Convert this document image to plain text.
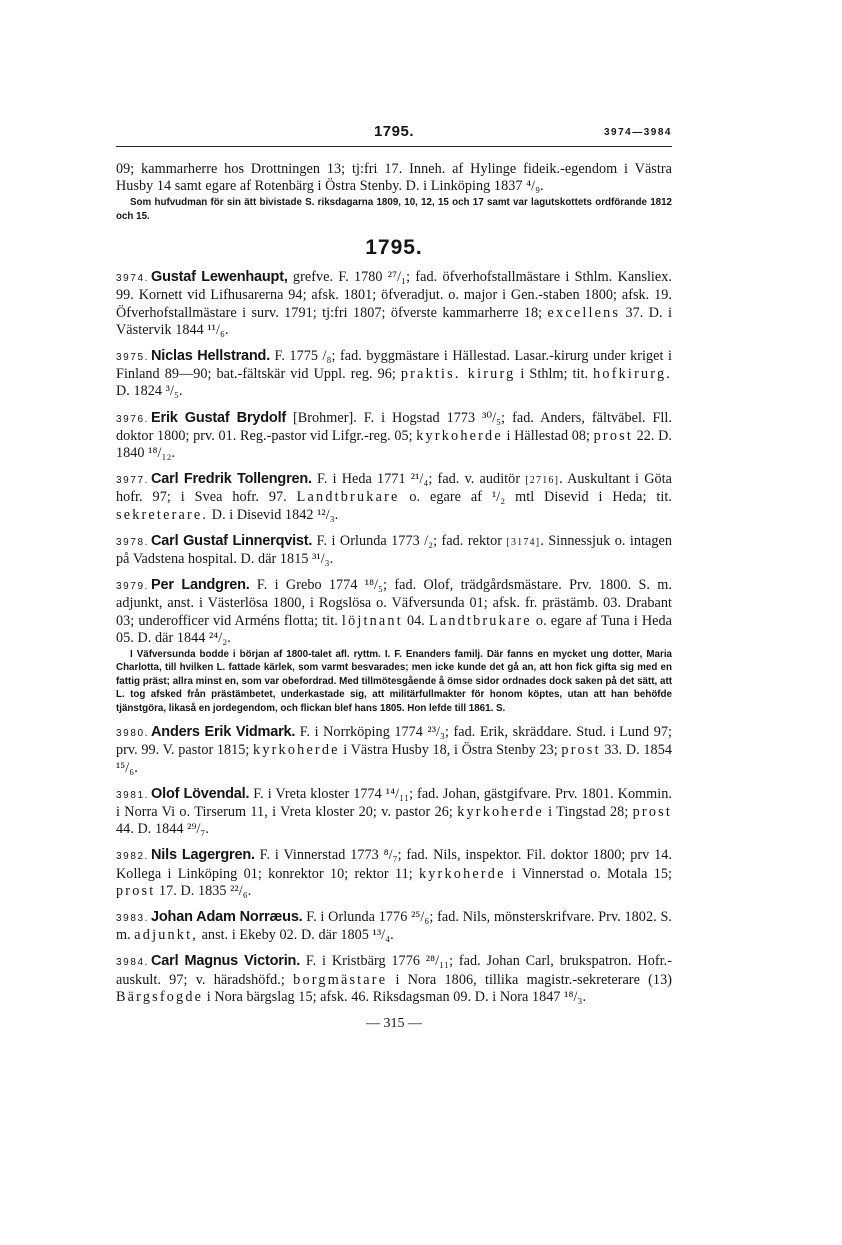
1795.	3974—3984

09; kammarherre hos Drottningen 13; tj:fri 17. Inneh. af Hylinge fideik.-egendom i Västra Husby 14 samt egare af Rotenbärg i Östra Stenby. D. i Linköping 1837 ⁴/₉.

Som hufvudman för sin ätt bivistade S. riksdagarna 1809, 10, 12, 15 och 17 samt var lagutskottets ordförande 1812 och 15.

1795.

3974. Gustaf Lewenhaupt, grefve. F. 1780 ²⁷/₁; fad. öfverhofstallmästare i Sthlm. Kansliex. 99. Kornett vid Lifhusarerna 94; afsk. 1801; öfveradjut. o. major i Gen.-staben 1800; afsk. 19. Öfverhofstallmästare i surv. 1791; tj:fri 1807; öfverste kammarherre 18; excellens 37. D. i Västervik 1844 ¹¹/₆.

3975. Niclas Hellstrand. F. 1775 /₈; fad. byggmästare i Hällestad. Lasar.-kirurg under kriget i Finland 89—90; bat.-fältskär vid Uppl. reg. 96; praktis. kirurg i Sthlm; tit. hofkirurg. D. 1824 ³/₅.

3976. Erik Gustaf Brydolf [Brohmer]. F. i Hogstad 1773 ³⁰/₅; fad. Anders, fältväbel. Fll. doktor 1800; prv. 01. Reg.-pastor vid Lifgr.-reg. 05; kyrkoherde i Hällestad 08; prost 22. D. 1840 ¹⁸/₁₂.

3977. Carl Fredrik Tollengren. F. i Heda 1771 ²¹/₄; fad. v. auditör [2716]. Auskultant i Göta hofr. 97; i Svea hofr. 97. Landtbrukare o. egare af ¹/₂ mtl Disevid i Heda; tit. sekreterare. D. i Disevid 1842 ¹²/₃.

3978. Carl Gustaf Linnerqvist. F. i Orlunda 1773 /₂; fad. rektor [3174]. Sinnessjuk o. intagen på Vadstena hospital. D. där 1815 ³¹/₃.

3979. Per Landgren. F. i Grebo 1774 ¹⁸/₅; fad. Olof, trädgårdsmästare. Prv. 1800. S. m. adjunkt, anst. i Västerlösa 1800, i Rogslösa o. Väfversunda 01; afsk. fr. prästämb. 03. Drabant 03; underofficer vid Arméns flotta; tit. löjtnant 04. Landtbrukare o. egare af Tuna i Heda 05. D. där 1844 ²⁴/₂.

I Väfversunda bodde i början af 1800-talet afl. ryttm. I. F. Enanders familj. Där fanns en mycket ung dotter, Maria Charlotta, till hvilken L. fattade kärlek, som varmt besvarades; men icke kunde det gå an, att hon fick gifta sig med en fattig präst; allra minst en, som var obefordrad. Med tillmötesgående å ömse sidor ordnades dock saken på det sätt, att L. tog afsked från prästämbetet, underkastade sig, att militärfullmakter för honom köptes, utan att han behöfde tjänstgöra, likaså en jordegendom, och flickan blef hans 1805. Hon lefde till 1861. S.

3980. Anders Erik Vidmark. F. i Norrköping 1774 ²³/₃; fad. Erik, skräddare. Stud. i Lund 97; prv. 99. V. pastor 1815; kyrkoherde i Västra Husby 18, i Östra Stenby 23; prost 33. D. 1854 ¹⁵/₆.

3981. Olof Lövendal. F. i Vreta kloster 1774 ¹⁴/₁₁; fad. Johan, gästgifvare. Prv. 1801. Kommin. i Norra Vi o. Tirserum 11, i Vreta kloster 20; v. pastor 26; kyrkoherde i Tingstad 28; prost 44. D. 1844 ²⁹/₇.

3982. Nils Lagergren. F. i Vinnerstad 1773 ⁸/₇; fad. Nils, inspektor. Fil. doktor 1800; prv 14. Kollega i Linköping 01; konrektor 10; rektor 11; kyrkoherde i Vinnerstad o. Motala 15; prost 17. D. 1835 ²²/₆.

3983. Johan Adam Norræus. F. i Orlunda 1776 ²⁵/₆; fad. Nils, mönsterskrifvare. Prv. 1802. S. m. adjunkt, anst. i Ekeby 02. D. där 1805 ¹³/₄.

3984. Carl Magnus Victorin. F. i Kristbärg 1776 ²⁸/₁₁; fad. Johan Carl, brukspatron. Hofr.-auskult. 97; v. häradshöfd.; borgmästare i Nora 1806, tillika magistr.-sekreterare (13) Bärgsfogde i Nora bärgslag 15; afsk. 46. Riksdagsman 09. D. i Nora 1847 ¹⁸/₃.

— 315 —
